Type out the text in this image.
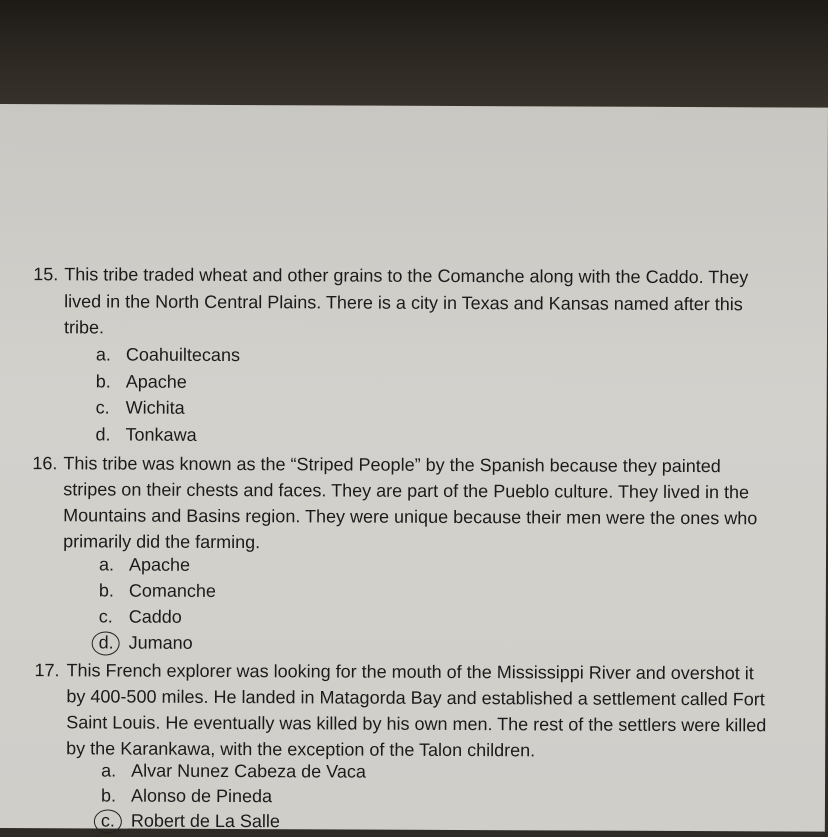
15. This tribe traded wheat and other grains to the Comanche along with the Caddo. They
lived in the North Central Plains. There is a city in Texas and Kansas named after this
tribe.
a. Coahuiltecans
b. Apache
c. Wichita
d. Tonkawa
16. This tribe was known as the “Striped People” by the Spanish because they painted
stripes on their chests and faces. They are part of the Pueblo culture. They lived in the
Mountains and Basins region. They were unique because their men were the ones who
primarily did the farming.
a. Apache
b. Comanche
c. Caddo
d. Jumano
17. This French explorer was looking for the mouth of the Mississippi River and overshot it
by 400-500 miles. He landed in Matagorda Bay and established a settlement called Fort
Saint Louis. He eventually was killed by his own men. The rest of the settlers were killed
by the Karankawa, with the exception of the Talon children.
a. Alvar Nunez Cabeza de Vaca
b. Alonso de Pineda
c. Robert de La Salle
